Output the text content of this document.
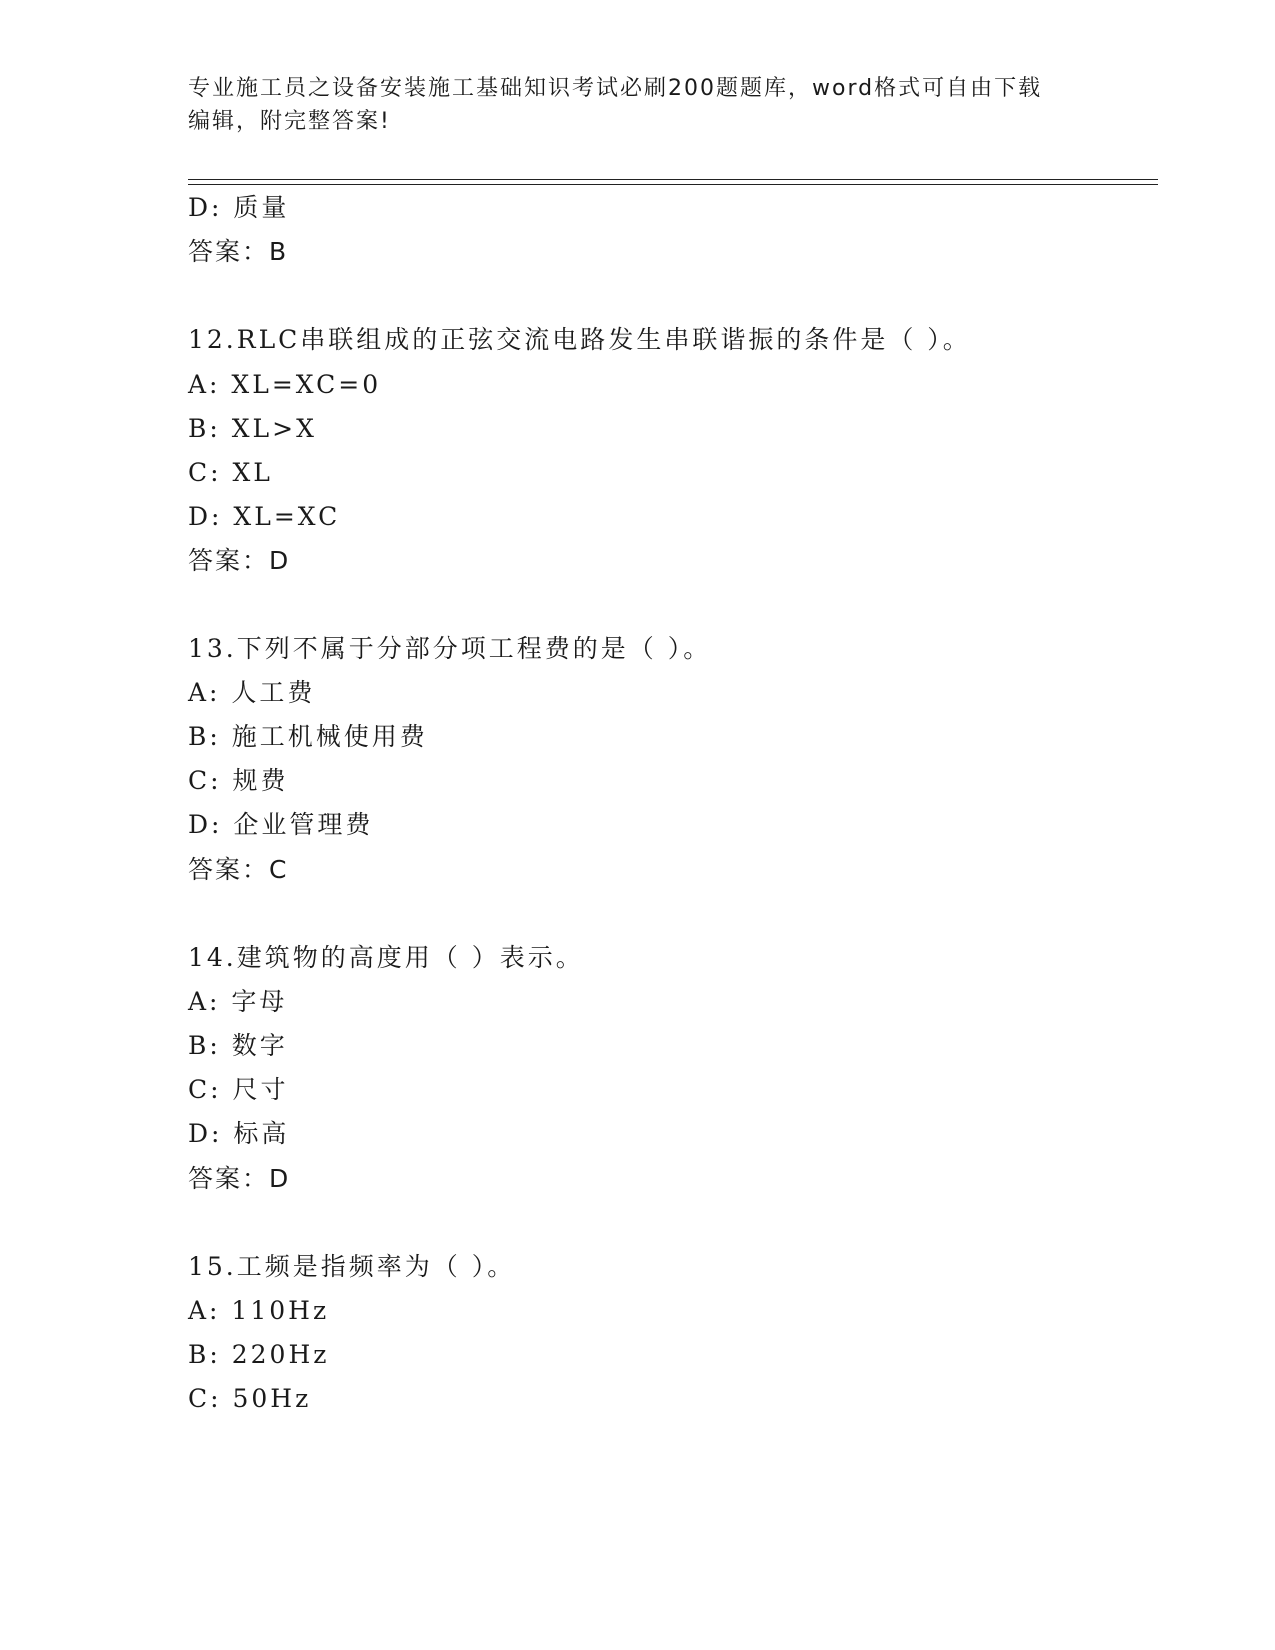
专业施工员之设备安装施工基础知识考试必刷200题题库，word格式可自由下载
编辑，附完整答案!
D: 质量
答案：B
12.RLC串联组成的正弦交流电路发生串联谐振的条件是（ ）。
A: XL=XC=0
B: XL>X
C: XL
D: XL=XC
答案：D
13.下列不属于分部分项工程费的是（ ）。
A: 人工费
B: 施工机械使用费
C: 规费
D: 企业管理费
答案：C
14.建筑物的高度用（ ）表示。
A: 字母
B: 数字
C: 尺寸
D: 标高
答案：D
15.工频是指频率为（ ）。
A: 110Hz
B: 220Hz
C: 50Hz
